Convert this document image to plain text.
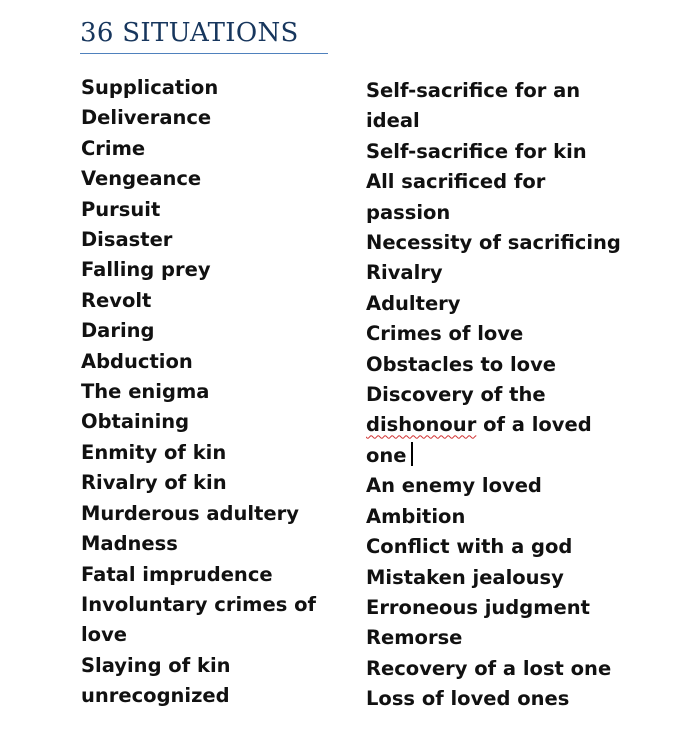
36 SITUATIONS
Supplication
Deliverance
Crime
Vengeance
Pursuit
Disaster
Falling prey
Revolt
Daring
Abduction
The enigma
Obtaining
Enmity of kin
Rivalry of kin
Murderous adultery
Madness
Fatal imprudence
Involuntary crimes of
love
Slaying of kin
unrecognized
Self-sacrifice for an
ideal
Self-sacrifice for kin
All sacrificed for
passion
Necessity of sacrificing
Rivalry
Adultery
Crimes of love
Obstacles to love
Discovery of the
dishonour of a loved
one
An enemy loved
Ambition
Conflict with a god
Mistaken jealousy
Erroneous judgment
Remorse
Recovery of a lost one
Loss of loved ones
